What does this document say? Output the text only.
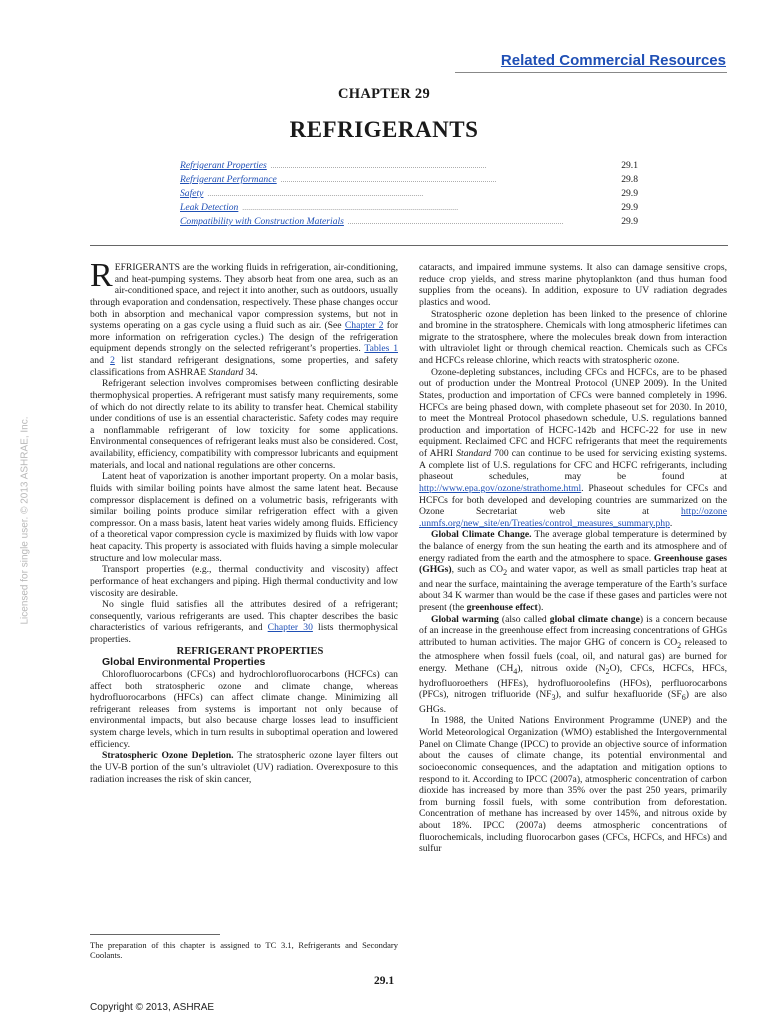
Licensed for single user. © 2013 ASHRAE, Inc.
Related Commercial Resources
CHAPTER 29
REFRIGERANTS
Refrigerant Properties . . .	29.1
Refrigerant Performance . . .	29.8
Safety . . .	29.9
Leak Detection . . .	29.9
Compatibility with Construction Materials . . .	29.9

REFRIGERANTS are the working fluids in refrigeration, air-conditioning, and heat-pumping systems. They absorb heat from one area, such as an air-conditioned space, and reject it into another, such as outdoors, usually through evaporation and condensation, respectively. These phase changes occur both in absorption and mechanical vapor compression systems, but not in systems operating on a gas cycle using a fluid such as air. (See Chapter 2 for more information on refrigeration cycles.) The design of the refrigeration equipment depends strongly on the selected refrigerant’s properties. Tables 1 and 2 list standard refrigerant designations, some properties, and safety classifications from ASHRAE Standard 34.

Refrigerant selection involves compromises between conflicting desirable thermophysical properties. A refrigerant must satisfy many requirements, some of which do not directly relate to its ability to transfer heat. Chemical stability under conditions of use is an essential characteristic. Safety codes may require a nonflammable refrigerant of low toxicity for some applications. Environmental consequences of refrigerant leaks must also be considered. Cost, availability, efficiency, compatibility with compressor lubricants and equipment materials, and local and national regulations are other concerns.

Latent heat of vaporization is another important property. On a molar basis, fluids with similar boiling points have almost the same latent heat. Because compressor displacement is defined on a volumetric basis, refrigerants with similar boiling points produce similar refrigeration effect with a given compressor. On a mass basis, latent heat varies widely among fluids. Efficiency of a theoretical vapor compression cycle is maximized by fluids with low vapor heat capacity. This property is associated with fluids having a simple molecular structure and low molecular mass.

Transport properties (e.g., thermal conductivity and viscosity) affect performance of heat exchangers and piping. High thermal conductivity and low viscosity are desirable.

No single fluid satisfies all the attributes desired of a refrigerant; consequently, various refrigerants are used. This chapter describes the basic characteristics of various refrigerants, and Chapter 30 lists thermophysical properties.

REFRIGERANT PROPERTIES

Global Environmental Properties

Chlorofluorocarbons (CFCs) and hydrochlorofluorocarbons (HCFCs) can affect both stratospheric ozone and climate change, whereas hydrofluorocarbons (HFCs) can affect climate change. Minimizing all refrigerant releases from systems is important not only because of environmental impacts, but also because charge losses lead to insufficient system charge levels, which in turn results in suboptimal operation and lowered efficiency.

Stratospheric Ozone Depletion. The stratospheric ozone layer filters out the UV-B portion of the sun’s ultraviolet (UV) radiation. Overexposure to this radiation increases the risk of skin cancer,

cataracts, and impaired immune systems. It also can damage sensitive crops, reduce crop yields, and stress marine phytoplankton (and thus human food supplies from the oceans). In addition, exposure to UV radiation degrades plastics and wood.

Stratospheric ozone depletion has been linked to the presence of chlorine and bromine in the stratosphere. Chemicals with long atmospheric lifetimes can migrate to the stratosphere, where the molecules break down from interaction with ultraviolet light or through chemical reaction. Chemicals such as CFCs and HCFCs release chlorine, which reacts with stratospheric ozone.

Ozone-depleting substances, including CFCs and HCFCs, are to be phased out of production under the Montreal Protocol (UNEP 2009). In the United States, production and importation of CFCs were banned completely in 1996. HCFCs are being phased down, with complete phaseout set for 2030. In 2010, to meet the Montreal Protocol phasedown schedule, U.S. regulations banned production and importation of HCFC-142b and HCFC-22 for use in new equipment. Reclaimed CFC and HCFC refrigerants that meet the requirements of AHRI Standard 700 can continue to be used for servicing existing systems. A complete list of U.S. regulations for CFC and HCFC refrigerants, including phaseout schedules, may be found at http://www.epa.gov/ozone/strathome.html. Phaseout schedules for CFCs and HCFCs for both developed and developing countries are summarized on the Ozone Secretariat web site at	http://ozone .unmfs.org/new_site/en/Treaties/control_measures_summary.php.

Global Climate Change. The average global temperature is determined by the balance of energy from the sun heating the earth and its atmosphere and of energy radiated from the earth and the atmosphere to space. Greenhouse gases (GHGs), such as $CO_2$ and water vapor, as well as small particles trap heat at and near the surface, maintaining the average temperature of the Earth’s surface about 34 K warmer than would be the case if these gases and particles were not present (the greenhouse effect).

Global warming (also called global climate change) is a concern because of an increase in the greenhouse effect from increasing concentrations of GHGs attributed to human activities. The major GHG of concern is $CO_2$ released to the atmosphere when fossil fuels (coal, oil, and natural gas) are burned for energy. Methane $(CH_4)$, nitrous oxide $(N_2O)$, CFCs, HCFCs, HFCs, hydrofluoroethers (HFEs), hydrofluoroolefins (HFOs), perfluorocarbons (PFCs), nitrogen trifluoride $(NF_3)$, and sulfur hexafluoride $(SF_6)$ are also GHGs.

In 1988, the United Nations Environment Programme (UNEP) and the World Meteorological Organization (WMO) established the Intergovernmental Panel on Climate Change (IPCC) to provide an objective source of information about the causes of climate change, its potential environmental and socioeconomic consequences, and the adaptation and mitigation options to respond to it. According to IPCC (2007a), atmospheric concentration of carbon dioxide has increased by more than 35% over the past 250 years, primarily from burning fossil fuels, with some contribution from deforestation. Concentration of methane has increased by over 145%, and nitrous oxide by about 18%. IPCC (2007a) deems atmospheric concentrations of fluorochemicals, including fluorocarbon gases (CFCs, HCFCs, and HFCs) and sulfur

The preparation of this chapter is assigned to TC 3.1, Refrigerants and Secondary Coolants.
29.1
Copyright © 2013, ASHRAE
